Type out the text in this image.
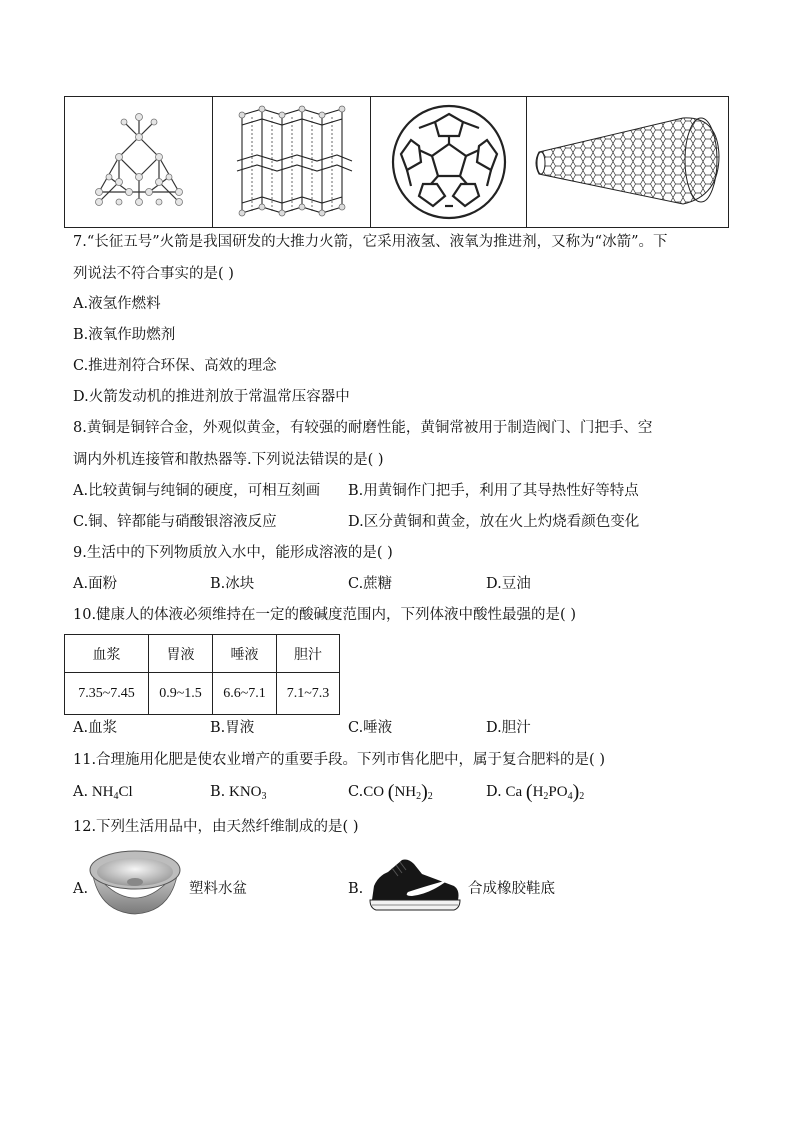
7.“长征五号”火箭是我国研发的大推力火箭，它采用液氢、液氧为推进剂，又称为“冰箭”。下
列说法不符合事实的是( )
A.液氢作燃料
B.液氧作助燃剂
C.推进剂符合环保、高效的理念
D.火箭发动机的推进剂放于常温常压容器中
8.黄铜是铜锌合金，外观似黄金，有较强的耐磨性能，黄铜常被用于制造阀门、门把手、空
调内外机连接管和散热器等.下列说法错误的是( )
A.比较黄铜与纯铜的硬度，可相互刻画 B.用黄铜作门把手，利用了其导热性好等特点
C.铜、锌都能与硝酸银溶液反应	D.区分黄铜和黄金，放在火上灼烧看颜色变化
9.生活中的下列物质放入水中，能形成溶液的是( )
A.面粉	B.冰块	C.蔗糖	D.豆油
10.健康人的体液必须维持在一定的酸碱度范围内，下列体液中酸性最强的是( )
血浆	胃液	唾液	胆汁
7.35~7.45	0.9~1.5	6.6~7.1	7.1~7.3
A.血浆	B.胃液	C.唾液	D.胆汁
11.合理施用化肥是使农业增产的重要手段。下列市售化肥中，属于复合肥料的是( )
A. $NH_4Cl$	B. $KNO_3$	C.CO $(NH_2)_2$	D. Ca $(H_2PO_4)_2$
12.下列生活用品中，由天然纤维制成的是( )
A.	塑料水盆	B.	合成橡胶鞋底
